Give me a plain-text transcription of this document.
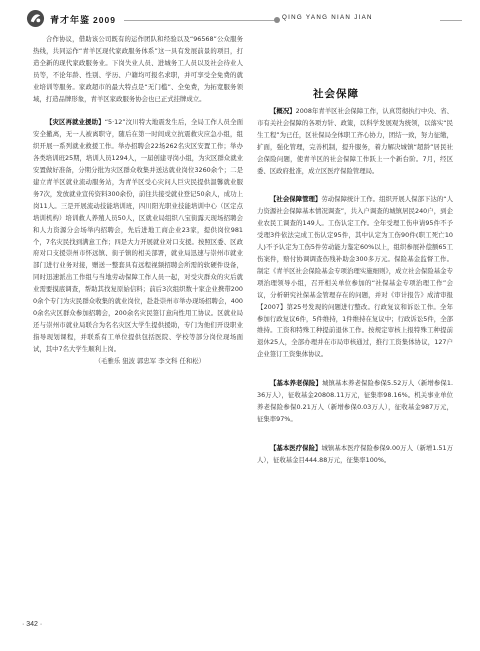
青才年鉴 2009	QING YANG NIAN JIAN

合作协议，借助该公司既有的运作团队和经验以及“96568”公众服务热线，共同运作“青羊区现代家政服务体系”这一具有发展前景的项目，打造全新的现代家政服务业。下岗失业人员、进城务工人员以及社会待业人员等，不论年龄、性别、学历、户籍均可报名求职，并可享受全免费的就业培训等服务。家政超市的最大特点是“无门槛”、全免费，为拓宽服务领域，打造品牌形象，青羊区家政服务协会也已正式挂牌成立。

【灾区再就业援助】“5·12”汶川特大地震发生后，全局工作人员全面安全撤离，无一人被离职守，随后在第一时间成立抗震救灾应急小组，组织开展一系列就业救援工作。举办招聘会22场262名灾区安置工作；举办各类培训班25期，培训人员1294人，一届创建寻岗小组，为灾区群众就业安置做好准备，分期分批为灾区群众收集并送达就业岗位3260余个；二是建立青羊区就业流动服务站，为青羊区受心灾问人巨灾民提供温馨就业服务7次，发放就业宣传资料300余份，前往共接受就业登记50余人，成功上岗11人。三是开展流动技能培训班，四川阳光职业技能培训中心（区定点培训机构）培训救人养殖人员50人，区就业局组织八宝街露天现场招聘会和人力资源分会场举内招聘会，先后进地工商企业23家，提供岗位981个，7名灾民找到满意工作；四是大力开展就业对口支援。按照区委、区政府对口支援崇州市怀远镇、街子镇的相关部署，就业局迅速与崇州市就业部门进行业务对接，赠送一整套具有远程视频招聘会所需的软硬件设备，同时迅速派出工作组与当地劳动保障工作人员一起，对受灾群众的灾后就业需要摸底调查，帮助其找复原始信料；前后3次组织数十家企业携带2000余个专门为灾民群众收集的就业岗位，赴赴崇州市举办现场招聘会，4000余名灾区群众参加招聘会，200余名灾民签订意向性用工协议。区就业局还与崇州市就业局联合为名名灾区大学生提供援助，专门为他们开设职业指导现划课程，并联系有工单位提供包括医院、学校等部分岗位现场面试，其中7名大学生顺利上岗。

（毛雅乐 狙波 郭忠军 李文科 任和松）

社会保障

【概况】2008年青羊区社会保障工作，认真贯彻执行中央、省、市有关社会保障的各项方针、政策，以科学发展观为统领，以落实“民生工程”为已任，区社保局全体职工齐心协力，团结一致，努力征缴，扩面，强化管理，完善机制，提升服务，着力解决城镇“超龄”居民社会保险问题，使青羊区的社会保障工作跃上一个新台阶。7月，经区委、区政府批准，成立区医疗保险管理局。

【社会保障管理】劳动保障统计工作。组织开展人保部下达的“人力资源社会保障基本情况调查”，共入户调查的城镇居民240户，到企业农民工调查的149人。工伤认定工作。全年受理工伤申请95件不予受理3件依法完成工伤认定95件，其中认定为工伤90件(职工死亡10人)不予认定为工伤5件劳动能力鉴定60%以上，组织参展补偿额65工伤案件，赔付协调调查伤残补助金300多万元。保险基金监督工作。制定《青羊区社会保险基金专项治理实施细则》，成立社会保险基金专项治理领导小组，召开相关单位参加的“社保基金专项治理工作”会议，分析研究社保基金管理存在的问题，并对《审计报告》成清审报【2007】第25号发现的问题进行整改。行政复议和诉讼工作。全年参加行政复议6件，5件维持，1件维持在复议中；行政诉讼5件，全部维持。工资和特殊工种提前退休工作。按规定审核上报特殊工种提前退休25人，全部办理并在市局审核通过，推行工资集体协议，127户企业签订工资集体协议。

【基本养老保险】城镇基本养老保险参保5.52万人（新增参保1.36万人），征收基金20808.11万元，征集率98.16%。机关事业单位养老保险参保0.21万人（新增参保0.03万人），征收基金987万元，征集率97%。

【基本医疗保险】城镇基本医疗保险参保9.00万人（新增1.51万人），征收基金目444.88万元，征集率100%。

· 342 ·
